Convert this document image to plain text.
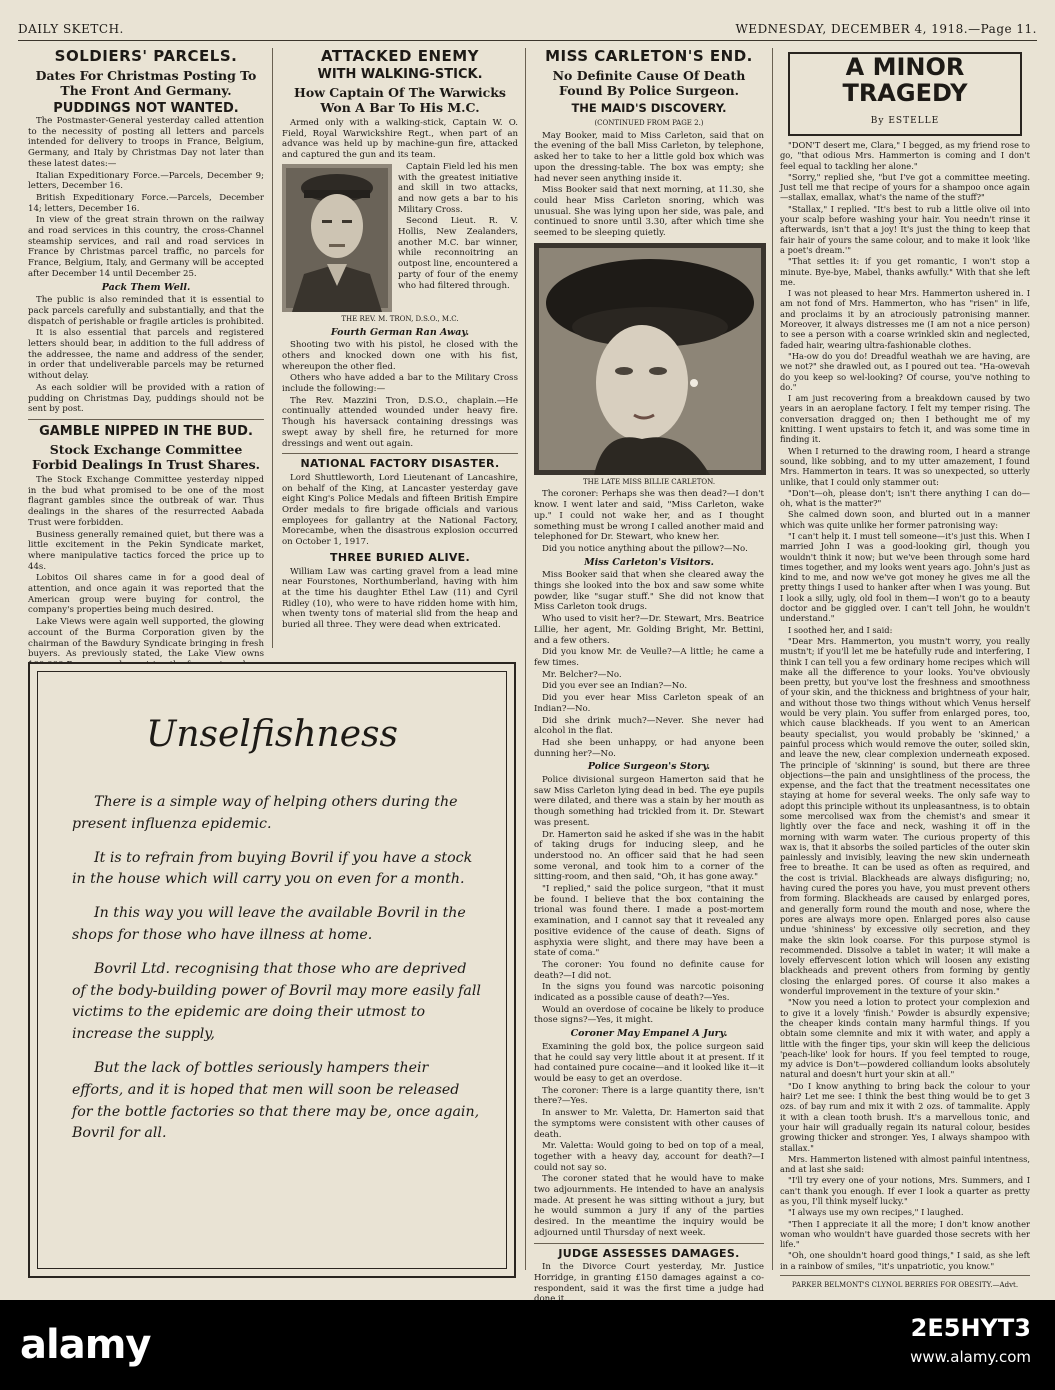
DAILY SKETCH.	WEDNESDAY, DECEMBER 4, 1918.—Page 11.
SOLDIERS' PARCELS.
Dates For Christmas Posting To The Front And Germany.
PUDDINGS NOT WANTED.

The Postmaster-General yesterday called attention to the necessity of posting all letters and parcels intended for delivery to troops in France, Belgium, Germany, and Italy by Christmas Day not later than these latest dates:—

Italian Expeditionary Force.—Parcels, December 9; letters, December 16.

British Expeditionary Force.—Parcels, December 14; letters, December 16.

In view of the great strain thrown on the railway and road services in this country, the cross-Channel steamship services, and rail and road services in France by Christmas parcel traffic, no parcels for France, Belgium, Italy, and Germany will be accepted after December 14 until December 25.

Pack Them Well.

The public is also reminded that it is essential to pack parcels carefully and substantially, and that the dispatch of perishable or fragile articles is prohibited.

It is also essential that parcels and registered letters should bear, in addition to the full address of the addressee, the name and address of the sender, in order that undeliverable parcels may be returned without delay.

As each soldier will be provided with a ration of pudding on Christmas Day, puddings should not be sent by post.

GAMBLE NIPPED IN THE BUD.
Stock Exchange Committee Forbid Dealings In Trust Shares.

The Stock Exchange Committee yesterday nipped in the bud what promised to be one of the most flagrant gambles since the outbreak of war. Thus dealings in the shares of the resurrected Aabada Trust were forbidden.

Business generally remained quiet, but there was a little excitement in the Pekin Syndicate market, where manipulative tactics forced the price up to 44s.

Lobitos Oil shares came in for a good deal of attention, and once again it was reported that the American group were buying for control, the company's properties being much desired.

Lake Views were again well supported, the glowing account of the Burma Corporation given by the chairman of the Bawdury Syndicate bringing in fresh buyers. As previously stated, the Lake View owns

ATTACKED ENEMY
WITH WALKING-STICK.
How Captain Of The Warwicks Won A Bar To His M.C.

Armed only with a walking-stick, Captain W. O. Field, Royal Warwickshire Regt., when part of an advance was held up by machine-gun fire, attacked and captured the gun and its team.

Captain Field led his men with the greatest initiative and skill in two attacks, and now gets a bar to his Military Cross.

Second Lieut. R. V. Hollis, New Zealanders, another M.C. bar winner, while reconnoitring an outpost line, encountered a party of four of the enemy who had filtered through.

THE REV. M. TRON, D.S.O., M.C.
Fourth German Ran Away.

Shooting two with his pistol, he closed with the others and knocked down one with his fist, whereupon the other fled.

Others who have added a bar to the Military Cross include the following:—

The Rev. Mazzini Tron, D.S.O., chaplain.—He continually attended wounded under heavy fire. Though his haversack containing dressings was swept away by shell fire, he returned for more dressings and went out again.

NATIONAL FACTORY DISASTER.

Lord Shuttleworth, Lord Lieutenant of Lancashire, on behalf of the King, at Lancaster yesterday gave eight King's Police Medals and fifteen British Empire Order medals to fire brigade officials and various employees for gallantry at the National Factory, Morecambe, when the disastrous explosion occurred on October 1, 1917.

THREE BURIED ALIVE.

William Law was carting gravel from a lead mine near Fourstones, Northumberland, having with him at the time his daughter Ethel Law (11) and Cyril Ridley (10), who were to have ridden home with him, when twenty tons of material slid from the heap and buried all three. They were dead when extricated.

MISS CARLETON'S END.
No Definite Cause Of Death Found By Police Surgeon.
THE MAID'S DISCOVERY.
(CONTINUED FROM PAGE 2.)

May Booker, maid to Miss Carleton, said that on the evening of the ball Miss Carleton, by telephone, asked her to take to her a little gold box which was upon the dressing-table. The box was empty; she had never seen anything inside it.

Miss Booker said that next morning, at 11.30, she could hear Miss Carleton snoring, which was unusual. She was lying upon her side, was pale, and continued to snore until 3.30, after which time she seemed to be sleeping quietly.

THE LATE MISS BILLIE CARLETON.

The coroner: Perhaps she was then dead?—I don't know. I went later and said, "Miss Carleton, wake up." I could not wake her, and as I thought something must be wrong I called another maid and telephoned for Dr. Stewart, who knew her.

Did you notice anything about the pillow?—No.

Miss Carleton's Visitors.

Miss Booker said that when she cleared away the things she looked into the box and saw some white powder, like "sugar stuff." She did not know that Miss Carleton took drugs.

Who used to visit her?—Dr. Stewart, Mrs. Beatrice Lillie, her agent, Mr. Golding Bright, Mr. Bettini, and a few others.

Did you know Mr. de Veulle?—A little; he came a few times.

Mr. Belcher?—No.

Did you ever see an Indian?—No.

Did you ever hear Miss Carleton speak of an Indian?—No.

Did she drink much?—Never. She never had alcohol in the flat.

Had she been unhappy, or had anyone been dunning her?—No.

Police Surgeon's Story.

Police divisional surgeon Hamerton said that he saw Miss Carleton lying dead in bed. The eye pupils were dilated, and there was a stain by her mouth as though something had trickled from it. Dr. Stewart was present.

Dr. Hamerton said he asked if she was in the habit of taking drugs for inducing sleep, and he understood no. An officer said that he had seen some veronal, and took him to a corner of the sitting-room, and then said, "Oh, it has gone away."

"I replied," said the police surgeon, "that it must be found. I believe that the box containing the trional was found there. I made a post-mortem examination, and I cannot say that it revealed any positive evidence of the cause of death. Signs of asphyxia were slight, and there may have been a state of coma."

The coroner: You found no definite cause for death?—I did not.

In the signs you found was narcotic poisoning indicated as a possible cause of death?—Yes.

Would an overdose of cocaine be likely to produce those signs?—Yes, it might.

Coroner May Empanel A Jury.

Examining the gold box, the police surgeon said that he could say very little about it at present. If it had contained pure cocaine—and it looked like it—it would be easy to get an overdose.

The coroner: There is a large quantity there, isn't there?—Yes.

In answer to Mr. Valetta, Dr. Hamerton said that the symptoms were consistent with other causes of death.

Mr. Valetta: Would going to bed on top of a meal, together with a heavy day, account for death?—I could not say so.

The coroner stated that he would have to make two adjournments. He intended to have an analysis made. At present he was sitting without a jury, but he would summon a jury if any of the parties desired. In the meantime the inquiry would be adjourned until Thursday of next week.

JUDGE ASSESSES DAMAGES.

In the Divorce Court yesterday, Mr. Justice Horridge, in granting £150 damages against a co-respondent, said it was the first time a judge had

A MINOR
TRAGEDY
By ESTELLE

"DON'T desert me, Clara," I begged, as my friend rose to go, "that odious Mrs. Hammerton is coming and I don't feel equal to tackling her alone."

"Sorry," replied she, "but I've got a committee meeting. Just tell me that recipe of yours for a shampoo once again—stallax, emallax, what's the name of the stuff?"

"Stallax," I replied. "It's best to rub a little olive oil into your scalp before washing your hair. You needn't rinse it afterwards, isn't that a joy! It's just the thing to keep that fair hair of yours the same colour, and to make it look 'like a poet's dream.'"

"That settles it: if you get romantic, I won't stop a minute. Bye-bye, Mabel, thanks awfully." With that she left me.

I was not pleased to hear Mrs. Hammerton ushered in. I am not fond of Mrs. Hammerton, who has "risen" in life, and proclaims it by an atrociously patronising manner. Moreover, it always distresses me (I am not a nice person) to see a person with a coarse wrinkled skin and neglected, faded hair, wearing ultra-fashionable clothes.

"Ha-ow do you do! Dreadful weathah we are having, are we not?" she drawled out, as I poured out tea. "Ha-owevah do you keep so wel-looking? Of course, you've nothing to do."

I am just recovering from a breakdown caused by two years in an aeroplane factory. I felt my temper rising. The conversation dragged on; then I bethought me of my knitting. I went upstairs to fetch it, and was some time in finding it.

When I returned to the drawing room, I heard a strange sound, like sobbing, and to my utter amazement, I found Mrs. Hammerton in tears. It was so unexpected, so utterly unlike, that I could only stammer out:

"Don't—oh, please don't; isn't there anything I can do—oh, what is the matter?"

She calmed down soon, and blurted out in a manner which was quite unlike her former patronising way:

"I can't help it. I must tell someone—it's just this. When I married John I was a good-looking girl, though you wouldn't think it now; but we've been through some hard times together, and my looks went years ago. John's just as kind to me, and now we've got money he gives me all the pretty things I used to hanker after when I was young. But I look a silly, ugly, old fool in them—I won't go to a beauty doctor and be giggled over. I can't tell John, he wouldn't understand."

I soothed her, and I said:

"Dear Mrs. Hammerton, you mustn't worry, you really mustn't; if you'll let me be hatefully rude and interfering, I think I can tell you a few ordinary home recipes which will make all the difference to your looks. You've obviously been pretty, but you've lost the freshness and smoothness of your skin, and the thickness and brightness of your hair, and without those two things without which Venus herself would be very plain. You suffer from enlarged pores, too, which cause blackheads. If you went to an American beauty specialist, you would probably be 'skinned,' a painful process which would remove the outer, soiled skin, and leave the new, clear complexion underneath exposed. The principle of 'skinning' is sound, but there are three objections—the pain and unsightliness of the process, the expense, and the fact that the treatment necessitates one staying at home for several weeks. The only safe way to adopt this principle without its unpleasantness, is to obtain some mercolised wax from the chemist's and smear it lightly over the face and neck, washing it off in the morning with warm water. The curious property of this wax is, that it absorbs the soiled particles of the outer skin painlessly and invisibly, leaving the new skin underneath free to breathe. It can be used as often as required, and the cost is trivial. Blackheads are always disfiguring; no, having cured the pores you have, you must prevent others from forming. Blackheads are caused by enlarged pores, and generally form round the mouth and nose, where the pores are always more open. Enlarged pores also cause undue 'shininess' by excessive oily secretion, and they make the skin look coarse. For this purpose stymol is recommended. Dissolve a tablet in water; it will make a lovely effervescent lotion which will loosen any existing blackheads and prevent others from forming by gently closing the enlarged pores. Of course it also makes a wonderful improvement in the texture of your skin."

"Now you need a lotion to protect your complexion and to give it a lovely 'finish.' Powder is absurdly expensive; the cheaper kinds contain many harmful things. If you obtain some clemnite and mix it with water, and apply a little with the finger tips, your skin will keep the delicious 'peach-like' look for hours. If you feel tempted to rouge, my advice is Don't—powdered colliandum looks absolutely natural and doesn't hurt your skin at all."

"Do I know anything to bring back the colour to your hair? Let me see: I think the best thing would be to get 3 ozs. of bay rum and mix it with 2 ozs. of tammalite. Apply it with a clean tooth brush. It's a marvellous tonic, and your hair will gradually regain its natural colour, besides growing thicker and stronger. Yes, I always shampoo with stallax."

Mrs. Hammerton listened with almost painful intentness, and at last she said:

"I'll try every one of your notions, Mrs. Summers, and I can't thank you enough. If ever I look a quarter as pretty as you, I'll think myself lucky."

"I always use my own recipes," I laughed.

"Then I appreciate it all the more; I don't know another woman who wouldn't have guarded those secrets with her life."

"Oh, one shouldn't hoard good things," I said, as she left in a rainbow of smiles, "it's unpatriotic, you know."

PARKER BELMONT'S CLYNOL BERRIES FOR OBESITY.—Advt.
Unselfishness

There is a simple way of helping others during the present influenza epidemic.

It is to refrain from buying Bovril if you have a stock in the house which will carry you on even for a month.

In this way you will leave the available Bovril in the shops for those who have illness at home.

Bovril Ltd. recognising that those who are deprived of the body-building power of Bovril may more easily fall victims to the epidemic are doing their utmost to increase the supply,

But the lack of bottles seriously hampers their efforts, and it is hoped that men will soon be released for the bottle factories so that there may be, once again, Bovril for all.

alamy	2E5HYT3
www.alamy.com
